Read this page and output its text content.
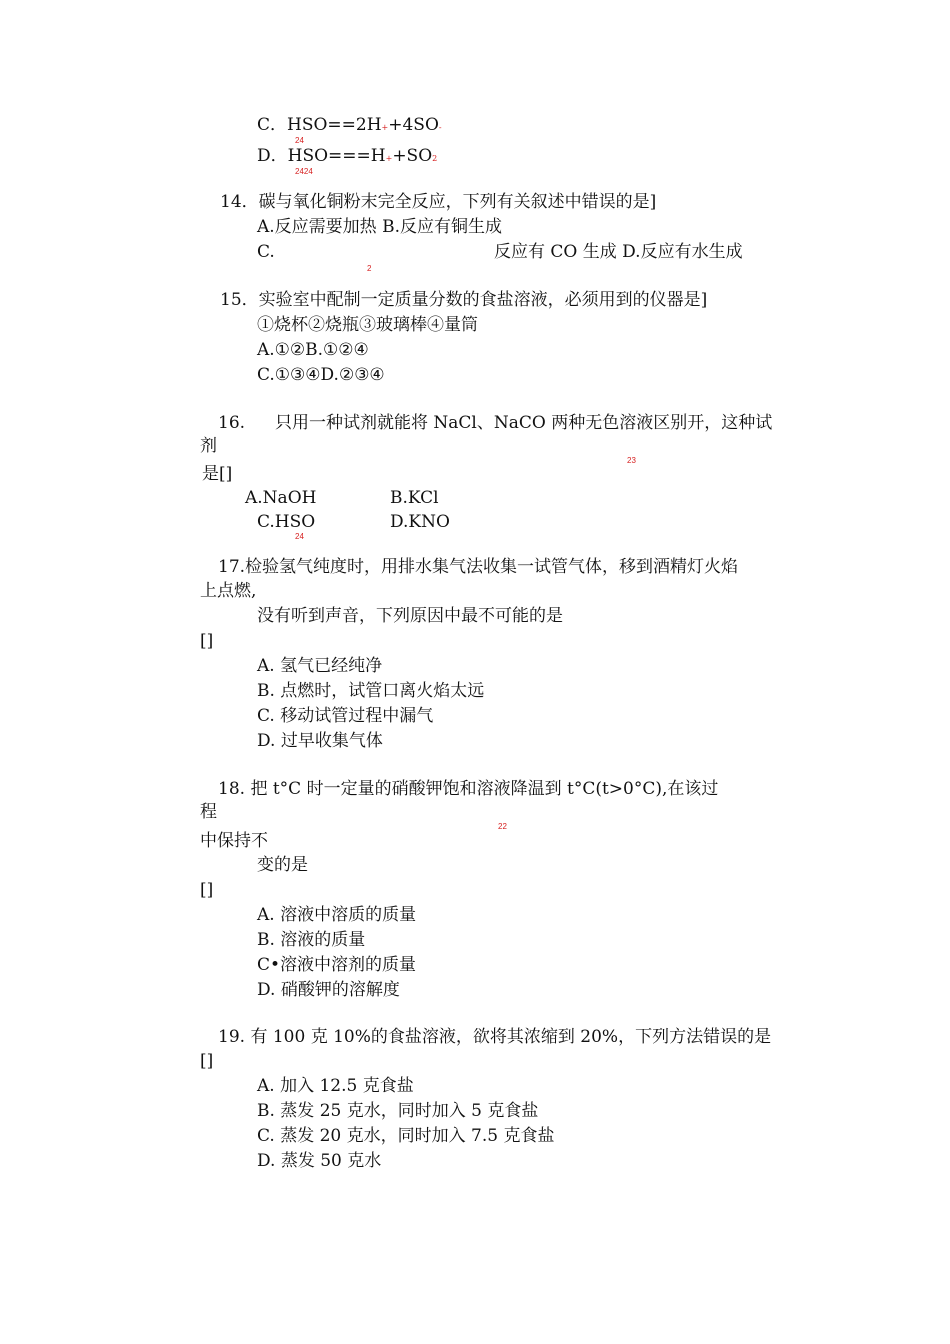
C．HSO==2H++4SO-
24
D．HSO===H++SO2
2424
14．碳与氧化铜粉末完全反应，下列有关叙述中错误的是]
A.反应需要加热 B.反应有铜生成
C.	反应有 CO 生成 D.反应有水生成
2
15．实验室中配制一定质量分数的食盐溶液，必须用到的仪器是]
①烧杯②烧瓶③玻璃棒④量筒
A.①②B.①②④
C.①③④D.②③④
16. 只用一种试剂就能将 NaCl、NaCO 两种无色溶液区别开，这种试
剂
23
是[]
A.NaOH	B.KCl
C.HSO	D.KNO
24
17.检验氢气纯度时，用排水集气法收集一试管气体，移到酒精灯火焰
上点燃,
没有听到声音，下列原因中最不可能的是
[]
A. 氢气已经纯净
B. 点燃时，试管口离火焰太远
C. 移动试管过程中漏气
D. 过早收集气体
18. 把 t°C 时一定量的硝酸钾饱和溶液降温到 t°C(t>0°C),在该过
程
22
中保持不
变的是
[]
A. 溶液中溶质的质量
B. 溶液的质量
C•溶液中溶剂的质量
D. 硝酸钾的溶解度
19. 有 100 克 10%的食盐溶液，欲将其浓缩到 20%，下列方法错误的是
[]
A. 加入 12.5 克食盐
B. 蒸发 25 克水，同时加入 5 克食盐
C. 蒸发 20 克水，同时加入 7.5 克食盐
D. 蒸发 50 克水
